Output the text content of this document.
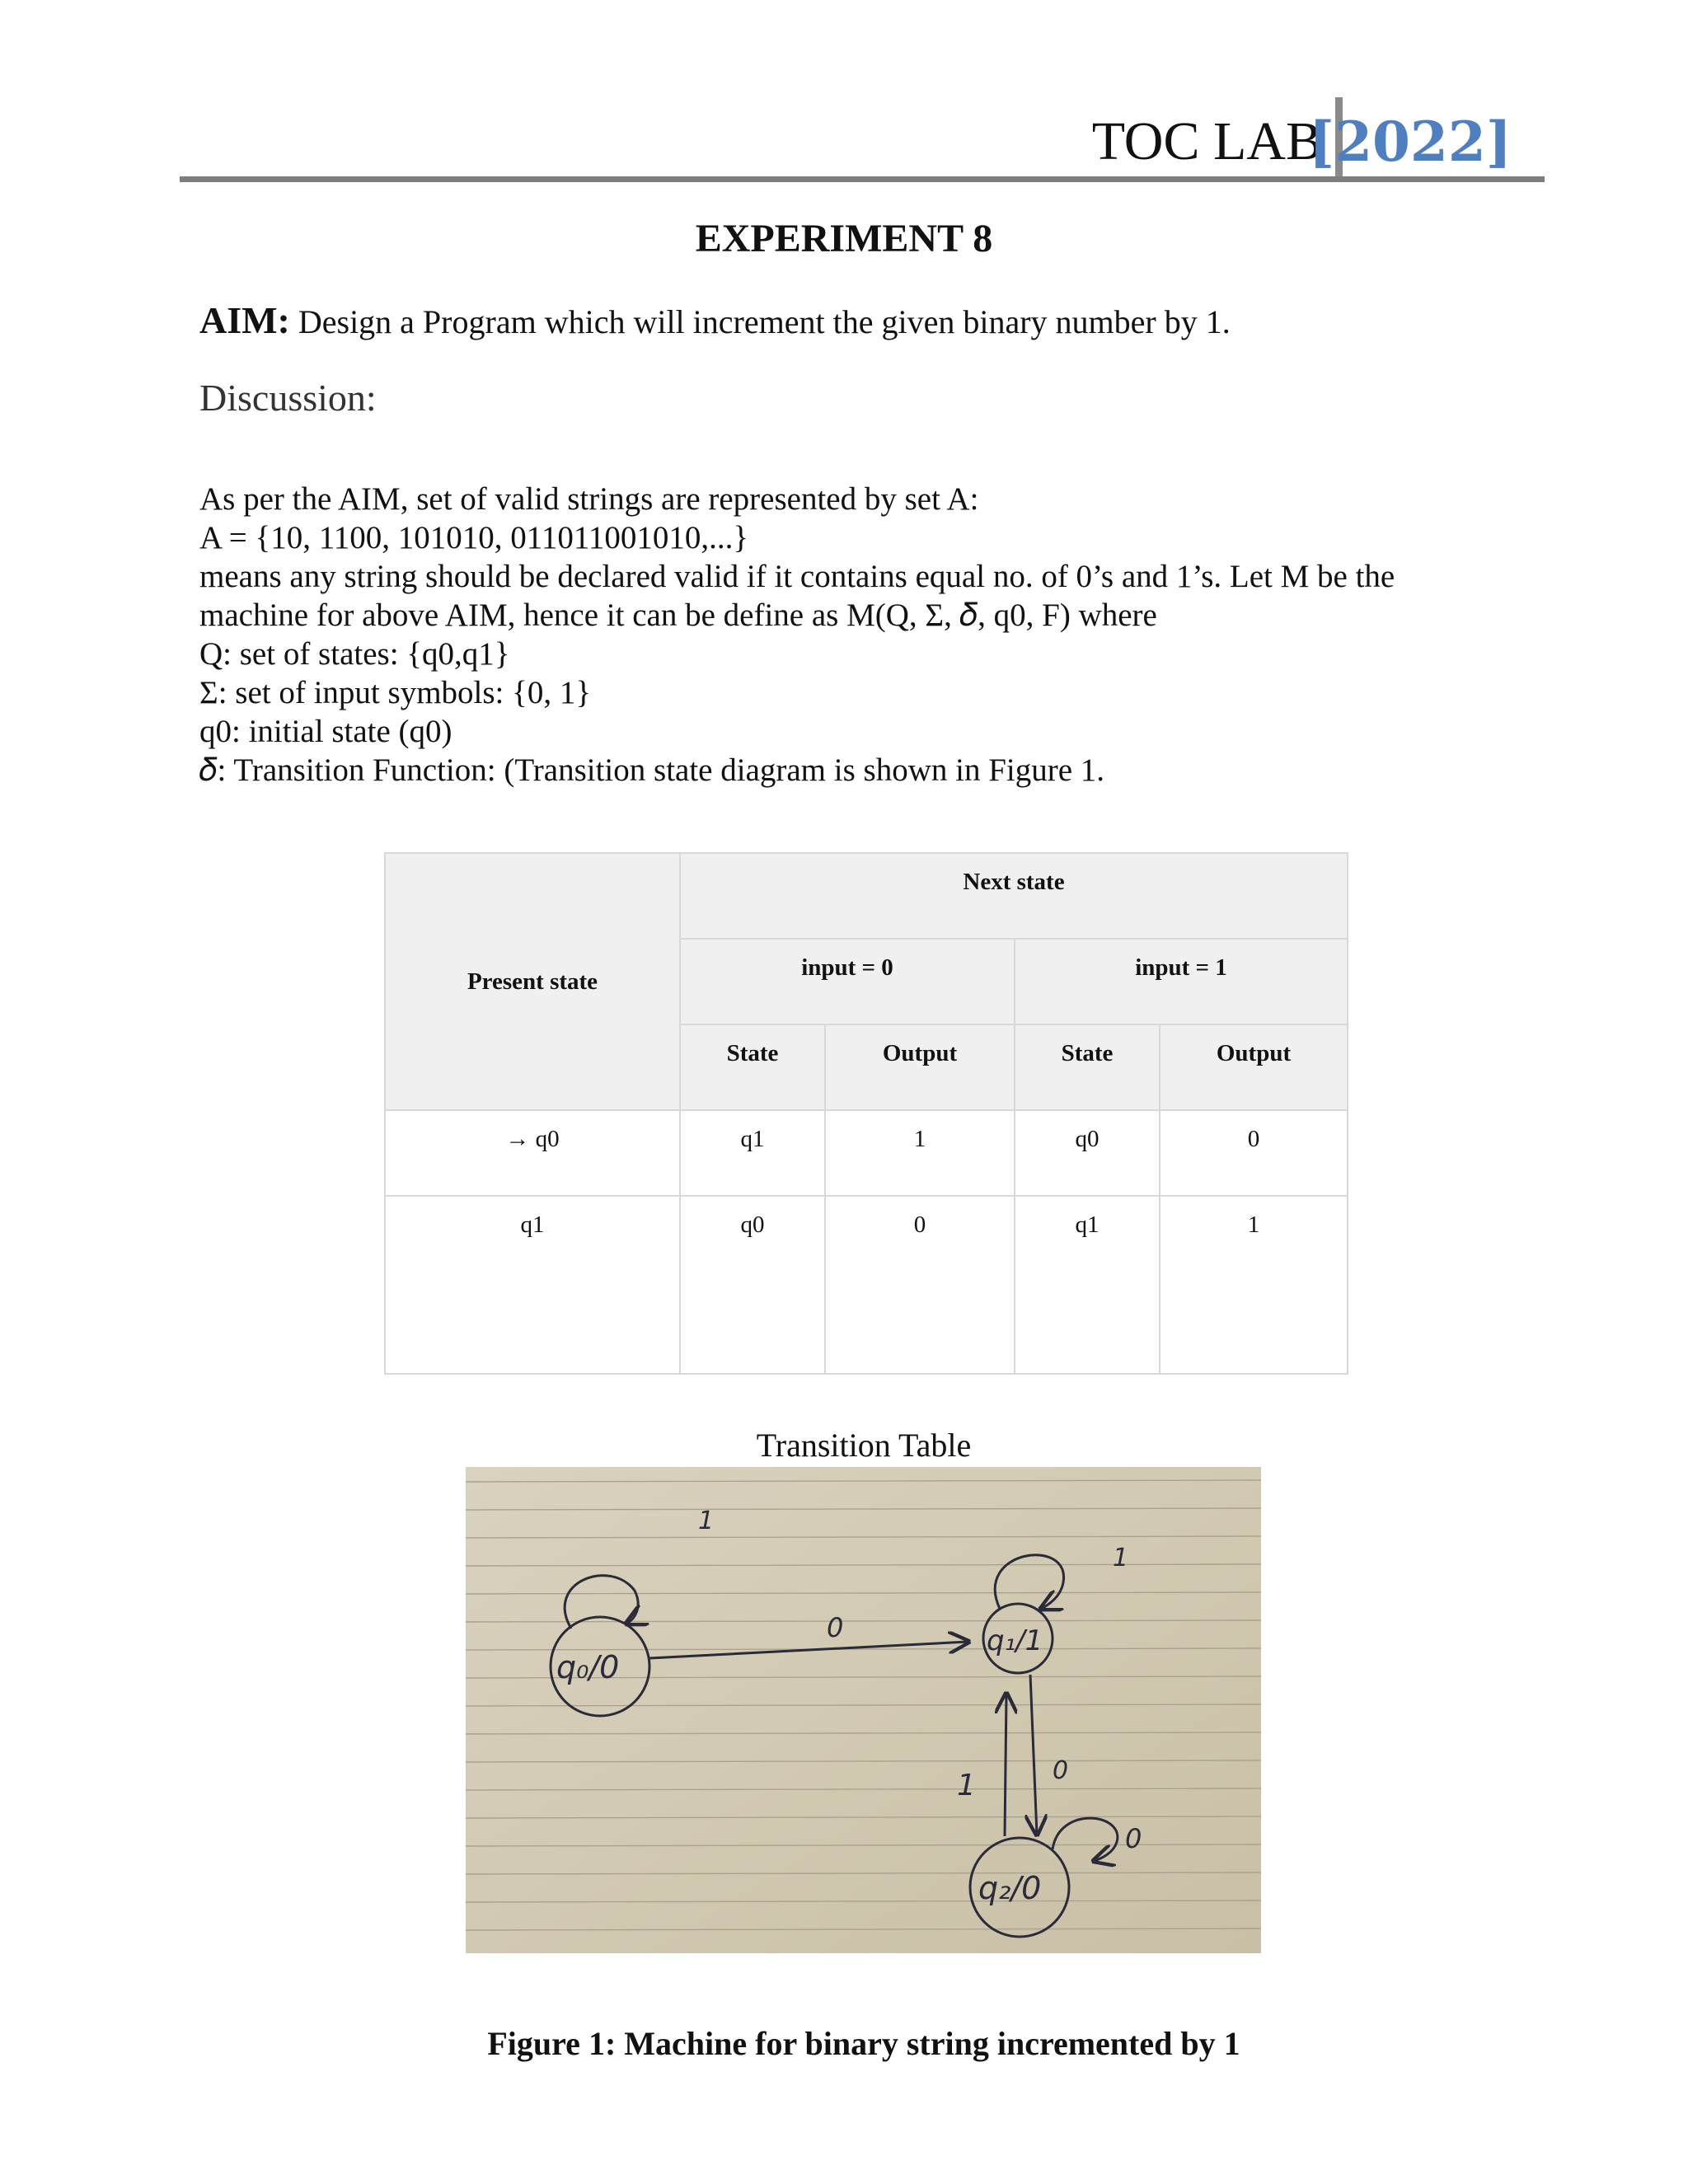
TOC LAB
[2022]
EXPERIMENT 8
AIM: Design a Program which will increment the given binary number by 1.
Discussion:

As per the AIM, set of valid strings are represented by set A:

A = {10, 1100, 101010, 011011001010,...}

means any string should be declared valid if it contains equal no. of 0’s and 1’s. Let M be the machine for above AIM, hence it can be define as M(Q, Σ, 𝛿, q0, F) where

Q: set of states: {q0,q1}

Σ: set of input symbols: {0, 1}

q0: initial state (q0)

𝛿: Transition Function: (Transition state diagram is shown in Figure 1.

Present state	Next state			
	input = 0		input = 1	
	State	Output	State	Output
→ q0	q1	1	q0	0
q1	q0	0	q1	1
Transition Table
q₀/0
q₁/1
q₂/0
1
0
1
0
1
0
Figure 1: Machine for binary string incremented by 1
